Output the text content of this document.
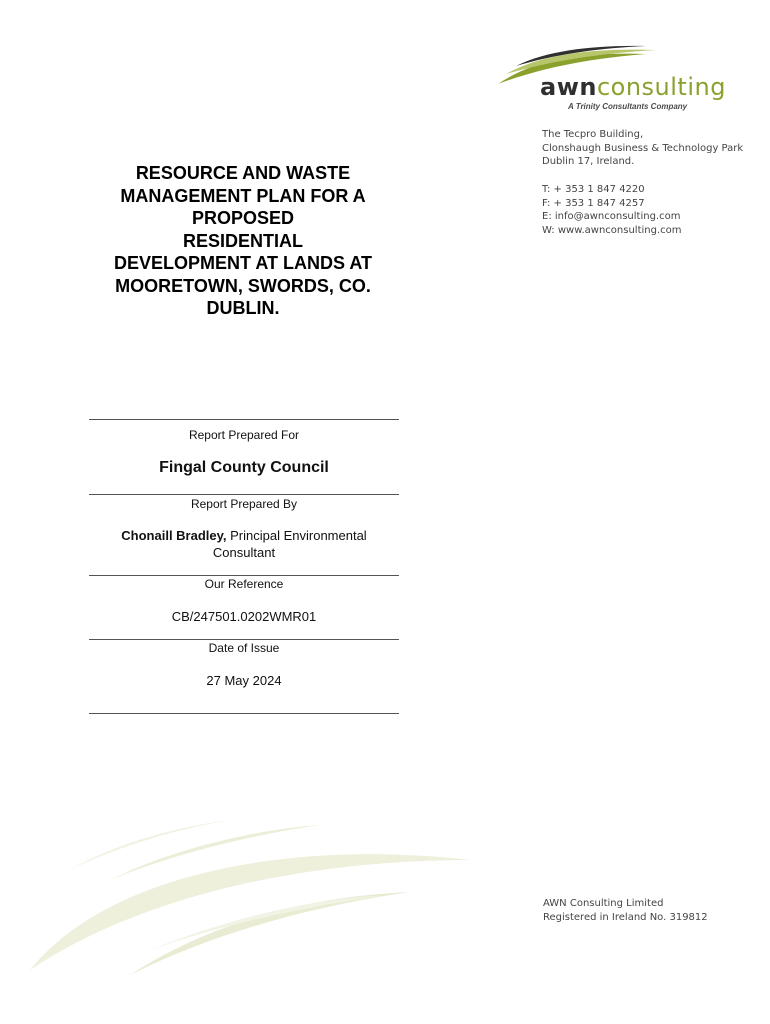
awnconsulting
A Trinity Consultants Company
The Tecpro Building,
Clonshaugh Business & Technology Park
Dublin 17, Ireland.
T: + 353 1 847 4220
F: + 353 1 847 4257
E: info@awnconsulting.com
W: www.awnconsulting.com
RESOURCE AND WASTE
MANAGEMENT PLAN FOR A
PROPOSED
RESIDENTIAL
DEVELOPMENT AT LANDS AT
MOORETOWN, SWORDS, CO.
DUBLIN.
Report Prepared For
Fingal County Council
Report Prepared By
Chonaill Bradley, Principal Environmental
Consultant
Our Reference
CB/247501.0202WMR01
Date of Issue
27 May 2024
AWN Consulting Limited
Registered in Ireland No. 319812
